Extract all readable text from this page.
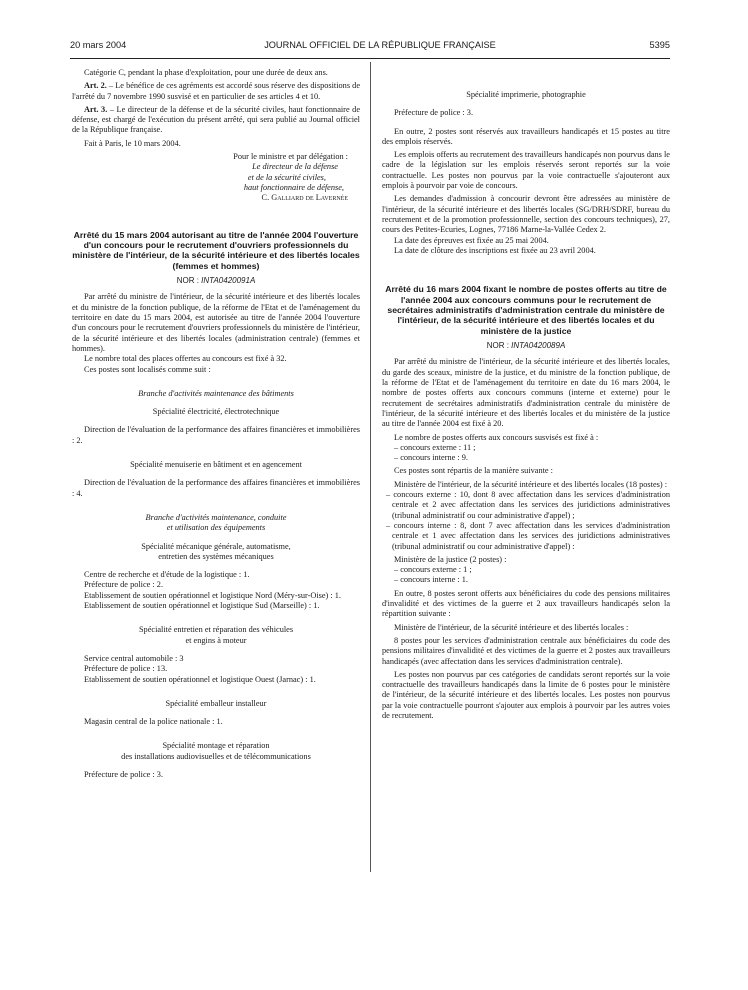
20 mars 2004	JOURNAL OFFICIEL DE LA RÉPUBLIQUE FRANÇAISE	5395

Catégorie C, pendant la phase d'exploitation, pour une durée de deux ans.

Art. 2. – Le bénéfice de ces agréments est accordé sous réserve des dispositions de l'arrêté du 7 novembre 1990 susvisé et en particulier de ses articles 4 et 10.

Art. 3. – Le directeur de la défense et de la sécurité civiles, haut fonctionnaire de défense, est chargé de l'exécution du présent arrêté, qui sera publié au Journal officiel de la République française.

Fait à Paris, le 10 mars 2004.

Pour le ministre et par délégation :

Le directeur de la défense

et de la sécurité civiles,

haut fonctionnaire de défense,

C. Galliard de Lavernée

Arrêté du 15 mars 2004 autorisant au titre de l'année 2004 l'ouverture d'un concours pour le recrutement d'ouvriers professionnels du ministère de l'intérieur, de la sécurité intérieure et des libertés locales (femmes et hommes)

NOR : INTA0420091A

Par arrêté du ministre de l'intérieur, de la sécurité intérieure et des libertés locales et du ministre de la fonction publique, de la réforme de l'Etat et de l'aménagement du territoire en date du 15 mars 2004, est autorisée au titre de l'année 2004 l'ouverture d'un concours pour le recrutement d'ouvriers professionnels du ministère de l'intérieur, de la sécurité intérieure et des libertés locales (administration centrale) (femmes et hommes).

Le nombre total des places offertes au concours est fixé à 32.

Ces postes sont localisés comme suit :

Branche d'activités maintenance des bâtiments

Spécialité électricité, électrotechnique

Direction de l'évaluation de la performance des affaires financières et immobilières : 2.

Spécialité menuiserie en bâtiment et en agencement

Direction de l'évaluation de la performance des affaires financières et immobilières : 4.

Branche d'activités maintenance, conduite

et utilisation des équipements

Spécialité mécanique générale, automatisme,

entretien des systèmes mécaniques

Centre de recherche et d'étude de la logistique : 1.

Préfecture de police : 2.

Etablissement de soutien opérationnel et logistique Nord (Méry-sur-Oise) : 1.

Etablissement de soutien opérationnel et logistique Sud (Marseille) : 1.

Spécialité entretien et réparation des véhicules

et engins à moteur

Service central automobile : 3

Préfecture de police : 13.

Etablissement de soutien opérationnel et logistique Ouest (Jarnac) : 1.

Spécialité emballeur installeur

Magasin central de la police nationale : 1.

Spécialité montage et réparation

des installations audiovisuelles et de télécommunications

Préfecture de police : 3.

Spécialité imprimerie, photographie

Préfecture de police : 3.

En outre, 2 postes sont réservés aux travailleurs handicapés et 15 postes au titre des emplois réservés.

Les emplois offerts au recrutement des travailleurs handicapés non pourvus dans le cadre de la législation sur les emplois réservés seront reportés sur la voie contractuelle. Les postes non pourvus par la voie contractuelle s'ajouteront aux emplois à pourvoir par voie de concours.

Les demandes d'admission à concourir devront être adressées au ministère de l'intérieur, de la sécurité intérieure et des libertés locales (SG/DRH/SDRF, bureau du recrutement et de la promotion professionnelle, section des concours techniques), 27, cours des Petites-Ecuries, Lognes, 77186 Marne-la-Vallée Cedex 2.

La date des épreuves est fixée au 25 mai 2004.

La date de clôture des inscriptions est fixée au 23 avril 2004.

Arrêté du 16 mars 2004 fixant le nombre de postes offerts au titre de l'année 2004 aux concours communs pour le recrutement de secrétaires administratifs d'administration centrale du ministère de l'intérieur, de la sécurité intérieure et des libertés locales et du ministère de la justice

NOR : INTA0420089A

Par arrêté du ministre de l'intérieur, de la sécurité intérieure et des libertés locales, du garde des sceaux, ministre de la justice, et du ministre de la fonction publique, de la réforme de l'Etat et de l'aménagement du territoire en date du 16 mars 2004, le nombre de postes offerts aux concours communs (interne et externe) pour le recrutement de secrétaires administratifs d'administration centrale du ministère de l'intérieur, de la sécurité intérieure et des libertés locales et du ministère de la justice au titre de l'année 2004 est fixé à 20.

Le nombre de postes offerts aux concours susvisés est fixé à :

– concours externe : 11 ;

– concours interne : 9.

Ces postes sont répartis de la manière suivante :

Ministère de l'intérieur, de la sécurité intérieure et des libertés locales (18 postes) :

– concours externe : 10, dont 8 avec affectation dans les services d'administration centrale et 2 avec affectation dans les services des juridictions administratives (tribunal administratif ou cour administrative d'appel) ;

– concours interne : 8, dont 7 avec affectation dans les services d'administration centrale et 1 avec affectation dans les services des juridictions administratives (tribunal administratif ou cour administrative d'appel) :

Ministère de la justice (2 postes) :

– concours externe : 1 ;

– concours interne : 1.

En outre, 8 postes seront offerts aux bénéficiaires du code des pensions militaires d'invalidité et des victimes de la guerre et 2 aux travailleurs handicapés selon la répartition suivante :

Ministère de l'intérieur, de la sécurité intérieure et des libertés locales :

8 postes pour les services d'administration centrale aux bénéficiaires du code des pensions militaires d'invalidité et des victimes de la guerre et 2 postes aux travailleurs handicapés (avec affectation dans les services d'administration centrale).

Les postes non pourvus par ces catégories de candidats seront reportés sur la voie contractuelle des travailleurs handicapés dans la limite de 6 postes pour le ministère de l'intérieur, de la sécurité intérieure et des libertés locales. Les postes non pourvus par la voie contractuelle pourront s'ajouter aux emplois à pourvoir par les autres voies de recrutement.
